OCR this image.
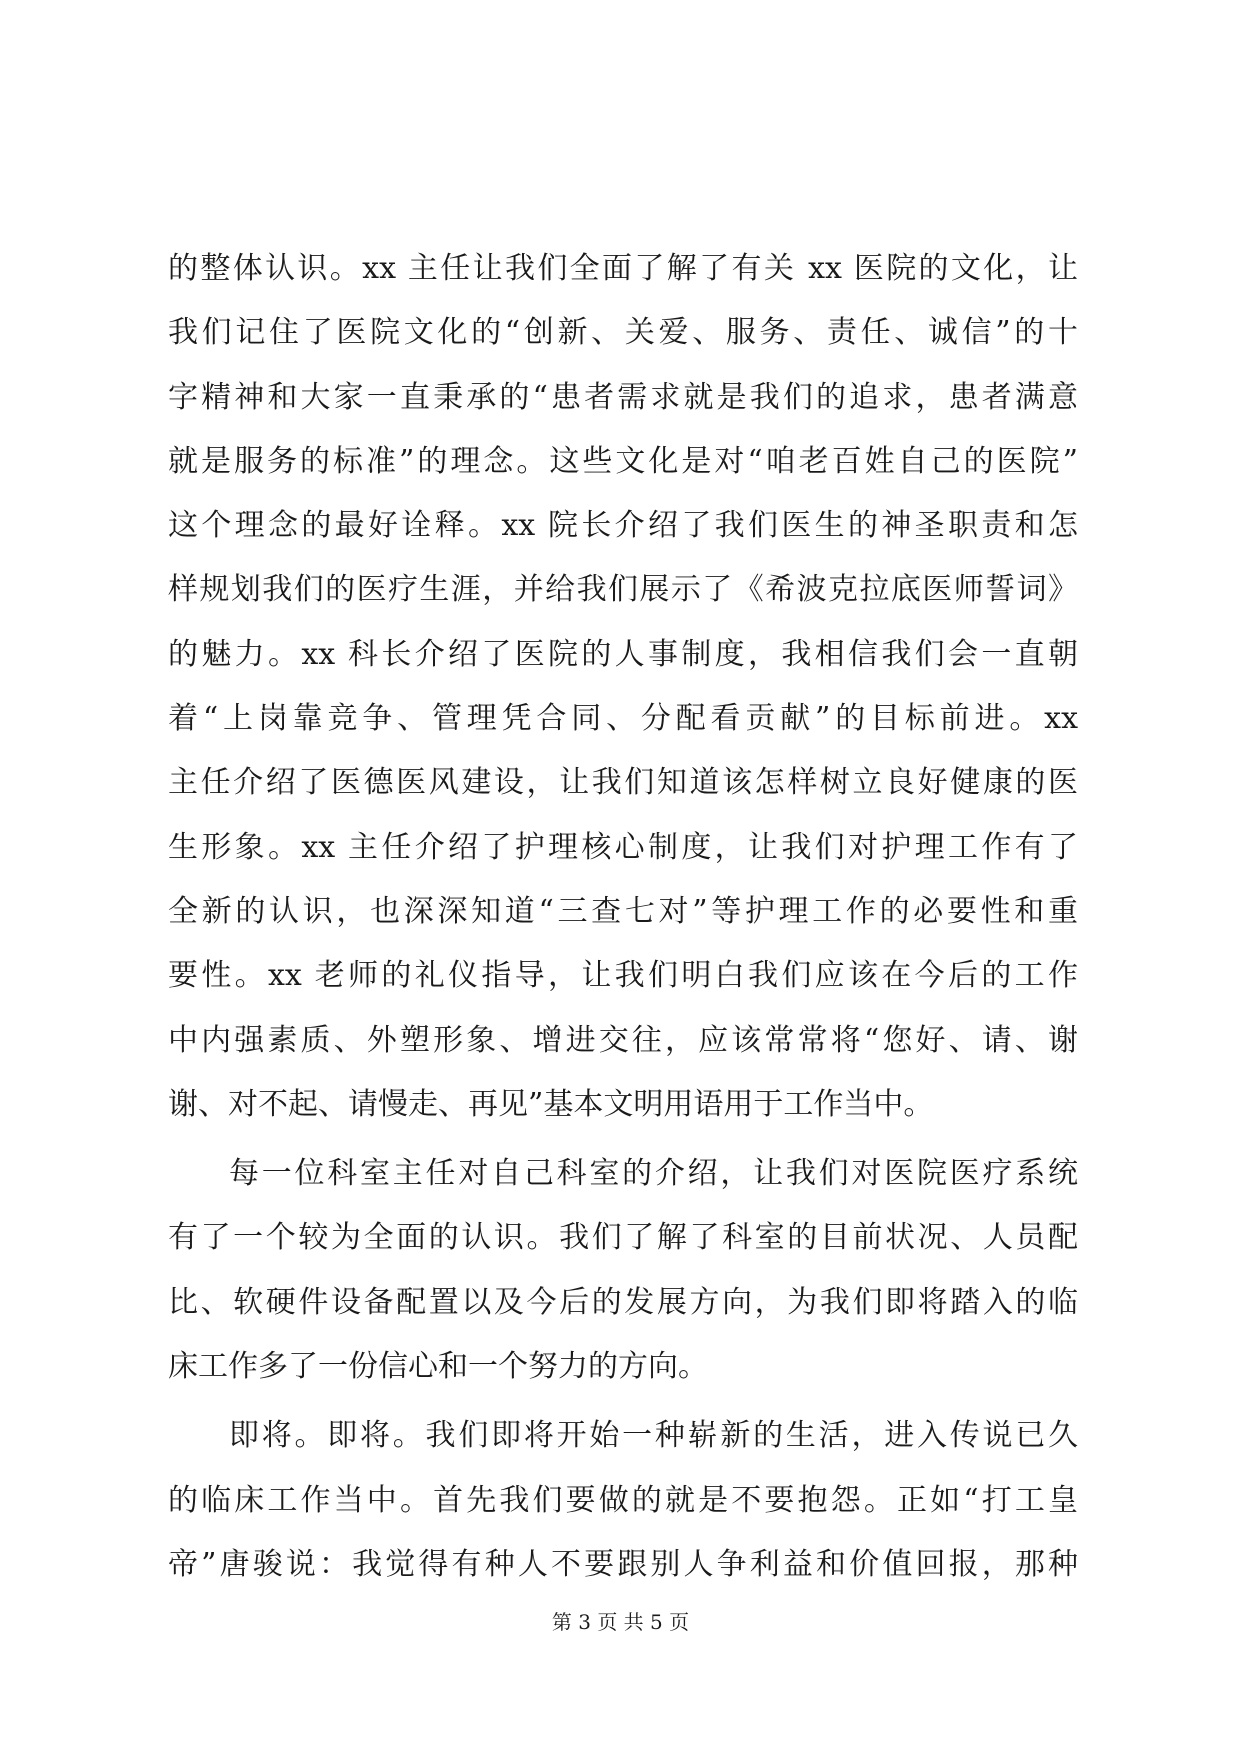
的整体认识。xx 主任让我们全面了解了有关 xx 医院的文化，让
我们记住了医院文化的“创新、关爱、服务、责任、诚信”的十
字精神和大家一直秉承的“患者需求就是我们的追求，患者满意
就是服务的标准”的理念。这些文化是对“咱老百姓自己的医院”
这个理念的最好诠释。xx 院长介绍了我们医生的神圣职责和怎
样规划我们的医疗生涯，并给我们展示了《希波克拉底医师誓词》
的魅力。xx 科长介绍了医院的人事制度，我相信我们会一直朝
着“上岗靠竞争、管理凭合同、分配看贡献”的目标前进。xx
主任介绍了医德医风建设，让我们知道该怎样树立良好健康的医
生形象。xx 主任介绍了护理核心制度，让我们对护理工作有了
全新的认识，也深深知道“三查七对”等护理工作的必要性和重
要性。xx 老师的礼仪指导，让我们明白我们应该在今后的工作
中内强素质、外塑形象、增进交往，应该常常将“您好、请、谢
谢、对不起、请慢走、再见”基本文明用语用于工作当中。

每一位科室主任对自己科室的介绍，让我们对医院医疗系统
有了一个较为全面的认识。我们了解了科室的目前状况、人员配
比、软硬件设备配置以及今后的发展方向，为我们即将踏入的临
床工作多了一份信心和一个努力的方向。

即将。即将。我们即将开始一种崭新的生活，进入传说已久
的临床工作当中。首先我们要做的就是不要抱怨。正如“打工皇
帝”唐骏说：我觉得有种人不要跟别人争利益和价值回报，那种

第 3 页 共 5 页
